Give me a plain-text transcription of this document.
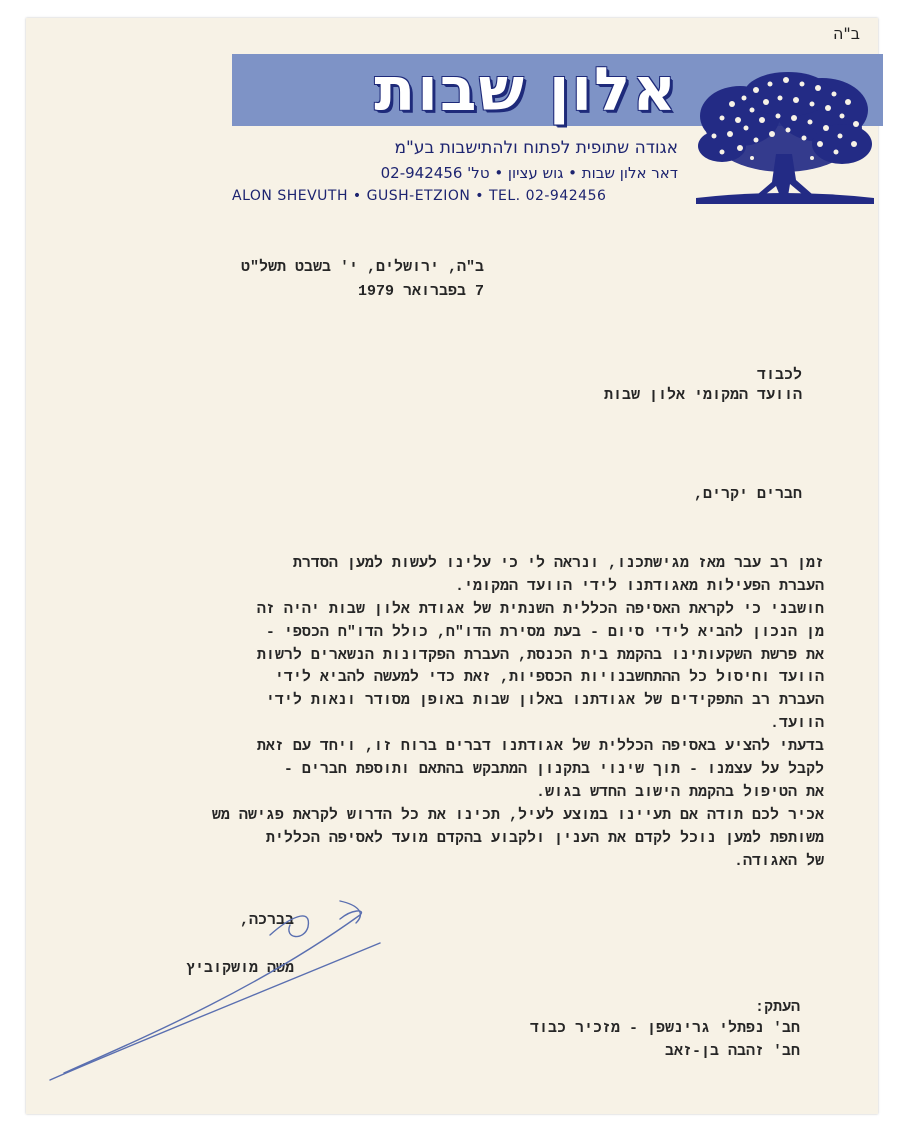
ב"ה
אלון שבות
אגודה שתופית לפתוח ולהתישבות בע"מ
דאר אלון שבות • גוש עציון • טל' 02-942456
ALON SHEVUTH • GUSH-ETZION • TEL. 02-942456
ב"ה, ירושלים, י' בשבט תשל"ט
7 בפברואר 1979
לכבוד
הוועד המקומי אלון שבות
חברים יקרים,
זמן רב עבר מאז מגישתכנו, ונראה לי כי עלינו לעשות למען הסדרת
העברת הפעילות מאגודתנו לידי הוועד המקומי.
חושבני כי לקראת האסיפה הכללית השנתית של אגודת אלון שבות יהיה זה
מן הנכון להביא לידי סיום - בעת מסירת הדו"ח, כולל הדו"ח הכספי -
את פרשת השקעותינו בהקמת בית הכנסת, העברת הפקדונות הנשארים לרשות
הוועד וחיסול כל ההתחשבנויות הכספיות, זאת כדי למעשה להביא לידי
העברת רב התפקידים של אגודתנו באלון שבות באופן מסודר ונאות לידי
הוועד.
בדעתי להציע באסיפה הכללית של אגודתנו דברים ברוח זו, ויחד עם זאת
לקבל על עצמנו - תוך שינוי בתקנון המתבקש בהתאם ותוספת חברים -
את הטיפול בהקמת הישוב החדש בגוש.
אכיר לכם תודה אם תעיינו במוצע לעיל, תכינו את כל הדרוש לקראת פגישה מש
משותפת למען נוכל לקדם את הענין ולקבוע בהקדם מועד לאסיפה הכללית
של האגודה.
בברכה,
משה מושקוביץ
העתק:
חב' נפתלי גרינשפן - מזכיר כבוד
חב' זהבה בן-זאב
